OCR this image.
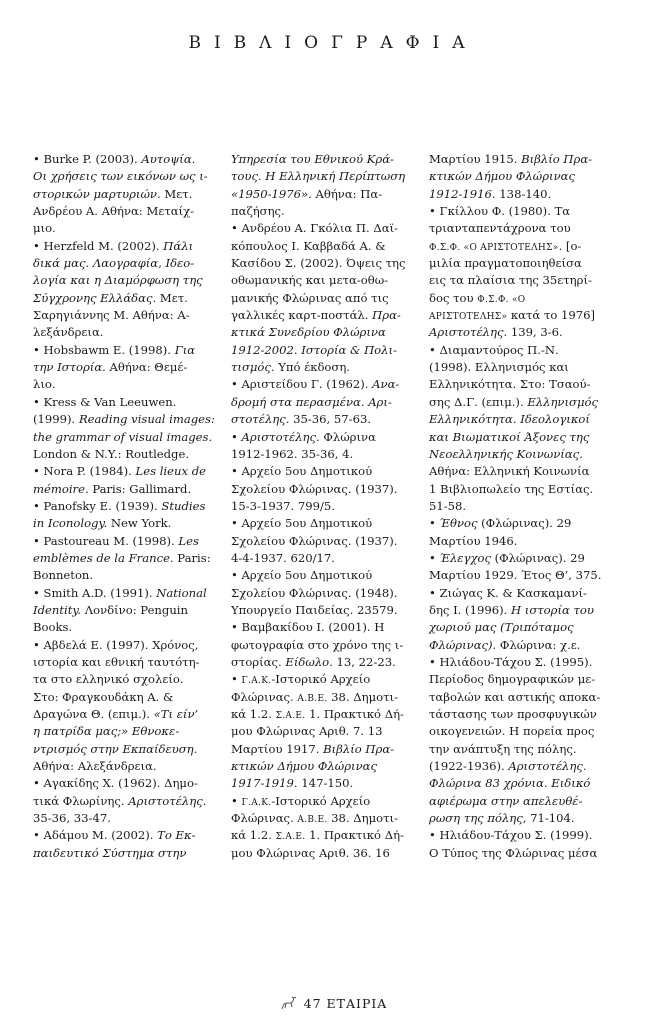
ΒΙΒΛΙΟΓΡΑΦΙΑ
• Burke P. (2003). Αυτοψία.
Οι χρήσεις των εικόνων ως ι-
στορικών μαρτυριών. Μετ.
Ανδρέου Α. Αθήνα: Μεταίχ-
μιο.
• Herzfeld M. (2002). Πάλι
δικά μας. Λαογραφία, Ιδεο-
λογία και η Διαμόρφωση της
Σύγχρονης Ελλάδας. Μετ.
Σαρηγιάννης Μ. Αθήνα: Α-
λεξάνδρεια.
• Hobsbawm E. (1998). Για
την Ιστορία. Αθήνα: Θεμέ-
λιο.
• Kress & Van Leeuwen.
(1999). Reading visual images:
the grammar of visual images.
London & N.Y.: Routledge.
• Nora P. (1984). Les lieux de
mémoire. Paris: Gallimard.
• Panofsky E. (1939). Studies
in Iconology. New York.
• Pastoureau M. (1998). Les
emblèmes de la France. Paris:
Bonneton.
• Smith A.D. (1991). National
Identity. Λονδίνο: Penguin
Books.
• Αβδελά Ε. (1997). Χρόνος,
ιστορία και εθνική ταυτότη-
τα στο ελληνικό σχολείο.
Στο: Φραγκουδάκη Α. &
Δραγώνα Θ. (επιμ.). «Τι είν’
η πατρίδα μας;» Εθνοκε-
ντρισμός στην Εκπαίδευση.
Αθήνα: Αλεξάνδρεια.
• Αγακίδης Χ. (1962). Δημο-
τικά Φλωρίνης. Αριστοτέλης.
35-36, 33-47.
• Αδάμου Μ. (2002). Το Εκ-
παιδευτικό Σύστημα στην
Υπηρεσία του Εθνικού Κρά-
τους. Η Ελληνική Περίπτωση
«1950-1976». Αθήνα: Πα-
παζήσης.
• Ανδρέου Α. Γκόλια Π. Δαϊ-
κόπουλος Ι. Καββαδά Α. &
Κασίδου Σ. (2002). Όψεις της
οθωμανικής και μετα-οθω-
μανικής Φλώρινας από τις
γαλλικές καρτ-ποστάλ. Πρα-
κτικά Συνεδρίου Φλώρινα
1912-2002. Ιστορία & Πολι-
τισμός. Υπό έκδοση.
• Αριστείδου Γ. (1962). Ανα-
δρομή στα περασμένα. Αρι-
στοτέλης. 35-36, 57-63.
• Αριστοτέλης. Φλώρινα
1912-1962. 35-36, 4.
• Αρχείο 5ου Δημοτικού
Σχολείου Φλώρινας. (1937).
15-3-1937. 799/5.
• Αρχείο 5ου Δημοτικού
Σχολείου Φλώρινας. (1937).
4-4-1937. 620/17.
• Αρχείο 5ου Δημοτικού
Σχολείου Φλώρινας. (1948).
Υπουργείο Παιδείας. 23579.
• Βαμβακίδου Ι. (2001). Η
φωτογραφία στο χρόνο της ι-
στορίας. Είδωλο. 13, 22-23.
• Γ.Α.Κ.-Ιστορικό Αρχείο
Φλώρινας. Α.Β.Ε. 38. Δημοτι-
κά 1.2. Σ.Α.Ε. 1. Πρακτικό Δή-
μου Φλώρινας Αριθ. 7. 13
Μαρτίου 1917. Βιβλίο Πρα-
κτικών Δήμου Φλώρινας
1917-1919. 147-150.
• Γ.Α.Κ.-Ιστορικό Αρχείο
Φλώρινας. Α.Β.Ε. 38. Δημοτι-
κά 1.2. Σ.Α.Ε. 1. Πρακτικό Δή-
μου Φλώρινας Αριθ. 36. 16
Μαρτίου 1915. Βιβλίο Πρα-
κτικών Δήμου Φλώρινας
1912-1916. 138-140.
• Γκίλλου Φ. (1980). Τα
τριανταπεντάχρονα του
Φ.Σ.Φ. «Ο ΑΡΙΣΤΟΤΕΛΗΣ». [ο-
μιλία πραγματοποιηθείσα
εις τα πλαίσια της 35ετηρί-
δος του Φ.Σ.Φ. «Ο
ΑΡΙΣΤΟΤΕΛΗΣ» κατά το 1976]
Αριστοτέλης. 139, 3-6.
• Διαμαντούρος Π.-Ν.
(1998). Ελληνισμός και
Ελληνικότητα. Στο: Τσαού-
σης Δ.Γ. (επιμ.). Ελληνισμός
Ελληνικότητα. Ιδεολογικοί
και Βιωματικοί Άξονες της
Νεοελληνικής Κοινωνίας.
Αθήνα: Ελληνική Κοινωνία
1 Βιβλιοπωλείο της Εστίας.
51-58.
• Έθνος (Φλώρινας). 29
Μαρτίου 1946.
• Έλεγχος (Φλώρινας). 29
Μαρτίου 1929. Έτος Θ’, 375.
• Ζιώγας Κ. & Κασκαμανί-
δης Ι. (1996). Η ιστορία του
χωριού μας (Τριπόταμος
Φλώρινας). Φλώρινα: χ.ε.
• Ηλιάδου-Τάχου Σ. (1995).
Περίοδος δημογραφικών με-
ταβολών και αστικής αποκα-
τάστασης των προσφυγικών
οικογενειών. Η πορεία προς
την ανάπτυξη της πόλης.
(1922-1936). Αριστοτέλης.
Φλώρινα 83 χρόνια. Ειδικό
αφιέρωμα στην απελευθέ-
ρωση της πόλης, 71-104.
• Ηλιάδου-Τάχου Σ. (1999).
Ο Τύπος της Φλώρινας μέσα
47 ΕΤΑΙΡΙΑ
